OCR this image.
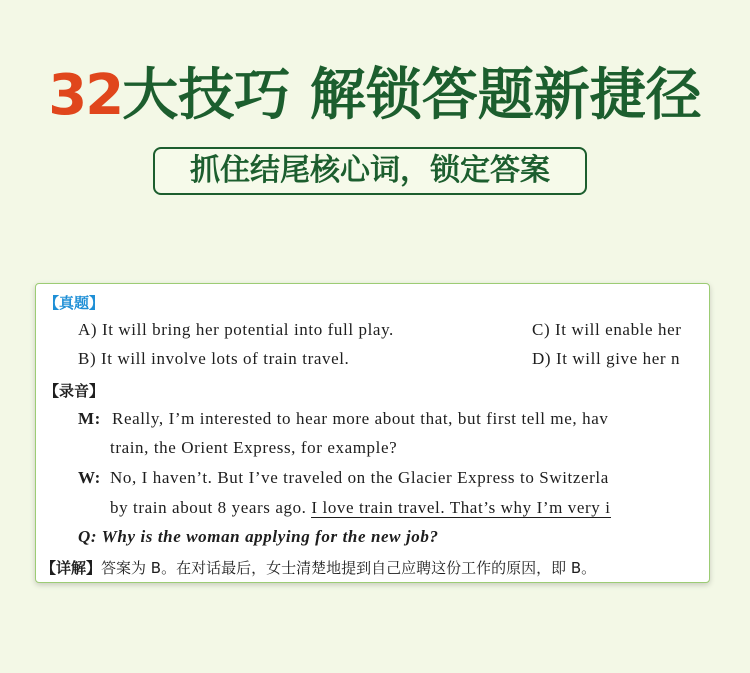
32大技巧 解锁答题新捷径
抓住结尾核心词，锁定答案
【真题】
A) It will bring her potential into full play.	C) It will enable her
B) It will involve lots of train travel.	D) It will give her n
【录音】
M: Really, I’m interested to hear more about that, but first tell me, hav
train, the Orient Express, for example?
W: No, I haven’t. But I’ve traveled on the Glacier Express to Switzerla
by train about 8 years ago. I love train travel. That’s why I’m very i
Q: Why is the woman applying for the new job?
【详解】答案为 B。在对话最后，女士清楚地提到自己应聘这份工作的原因，即 B。
